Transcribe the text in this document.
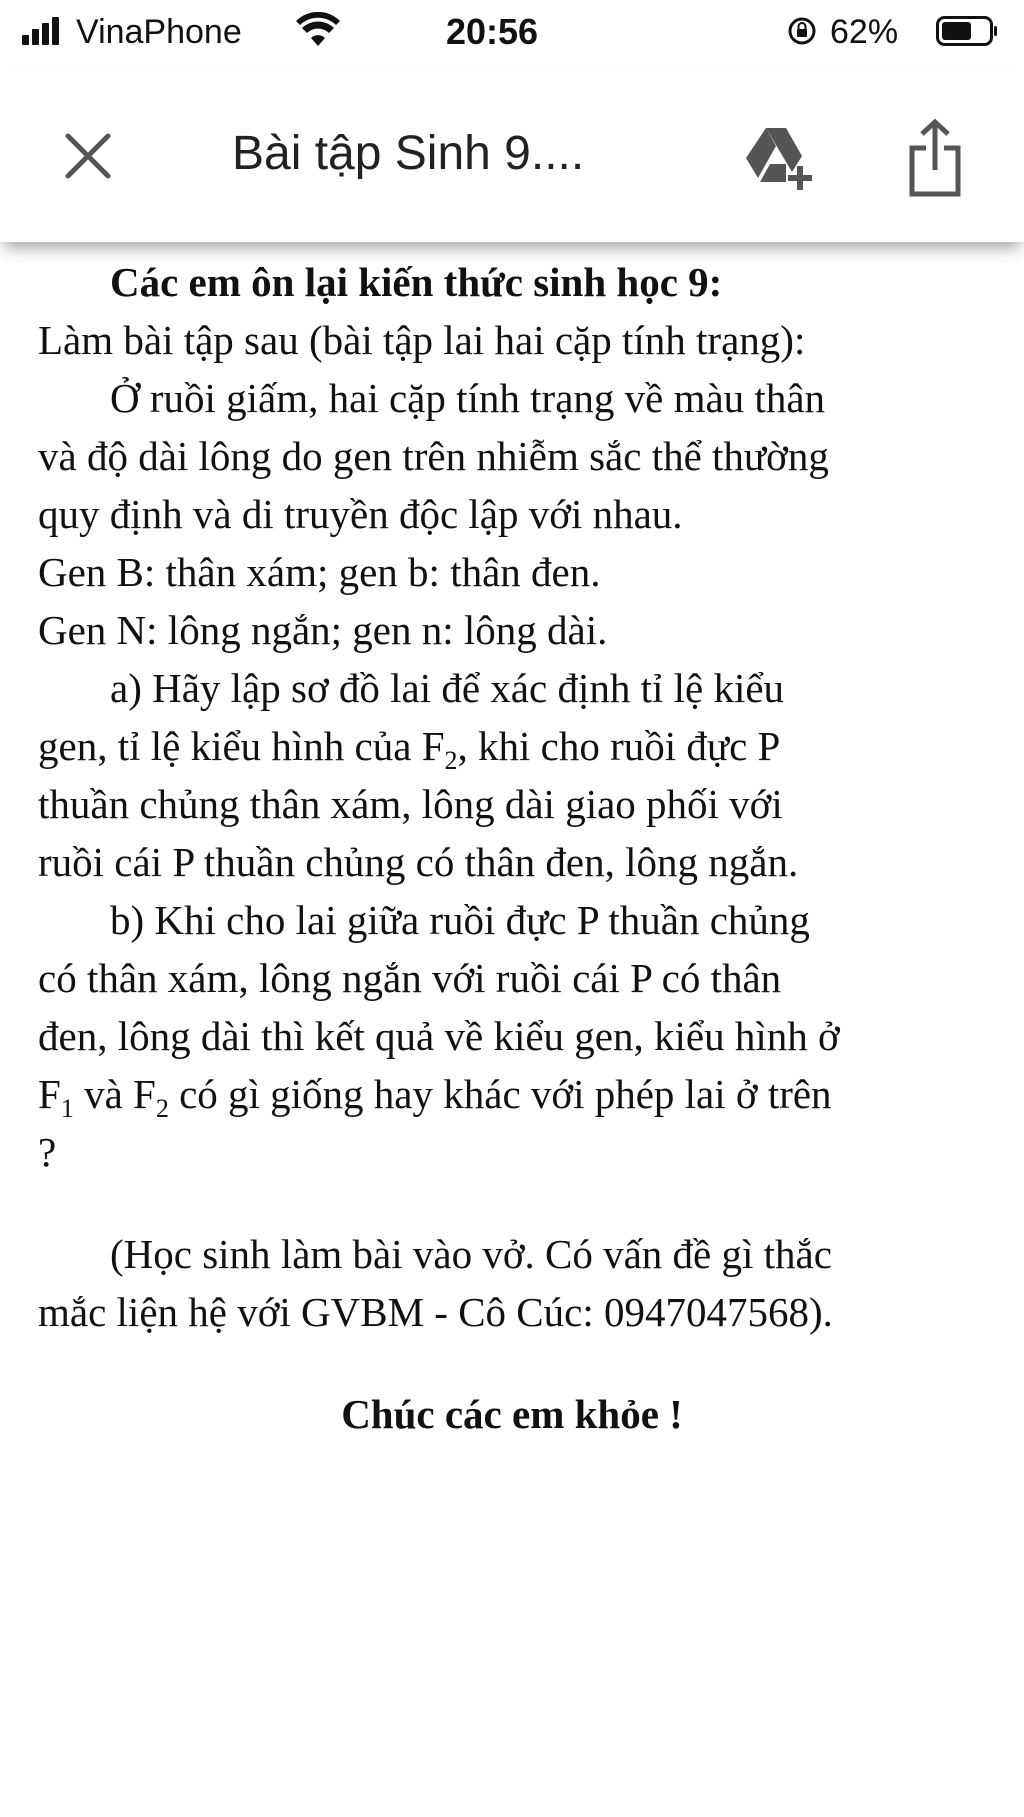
VinaPhone	20:56	62%
Bài tập Sinh 9....

Các em ôn lại kiến thức sinh học 9:

Làm bài tập sau (bài tập lai hai cặp tính trạng):

Ở ruồi giấm, hai cặp tính trạng về màu thân

và độ dài lông do gen trên nhiễm sắc thể thường

quy định và di truyền độc lập với nhau.

Gen B: thân xám; gen b: thân đen.

Gen N: lông ngắn; gen n: lông dài.

a) Hãy lập sơ đồ lai để xác định tỉ lệ kiểu

gen, tỉ lệ kiểu hình của $F_2$, khi cho ruồi đực P

thuần chủng thân xám, lông dài giao phối với

ruồi cái P thuần chủng có thân đen, lông ngắn.

b) Khi cho lai giữa ruồi đực P thuần chủng

có thân xám, lông ngắn với ruồi cái P có thân

đen, lông dài thì kết quả về kiểu gen, kiểu hình ở

$F_1$ và $F_2$ có gì giống hay khác với phép lai ở trên

?

(Học sinh làm bài vào vở. Có vấn đề gì thắc

mắc liện hệ với GVBM - Cô Cúc: 0947047568).

Chúc các em khỏe !
